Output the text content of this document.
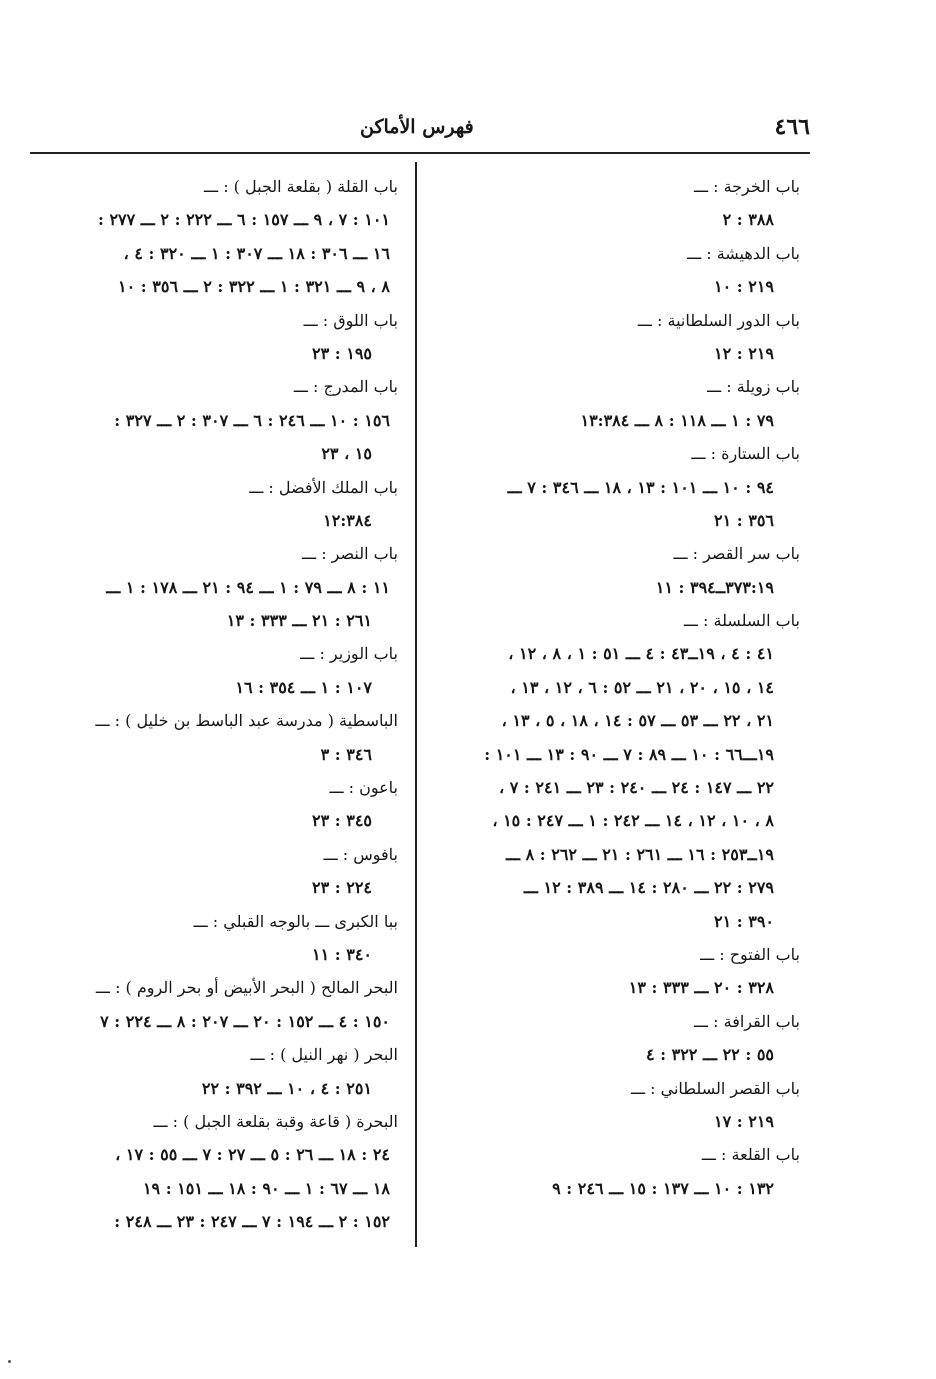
٤٦٦
فهرس الأماكن
باب الخرجة : ـــ
٣٨٨ : ٢
باب الدهيشة : ـــ
٢١٩ : ١٠
باب الدور السلطانية : ـــ
٢١٩ : ١٢
باب زويلة : ـــ
٧٩ : ١ ـــ ١١٨ : ٨ ـــ ١٣:٣٨٤
باب الستارة : ـــ
٩٤ : ١٠ ـــ ١٠١ : ١٣ ، ١٨ ـــ ٣٤٦ : ٧ ـــ
٣٥٦ : ٢١
باب سر القصر : ـــ
٣٧٣:١٩ــ٣٩٤ : ١١
باب السلسلة : ـــ
٤١ : ٤ ، ١٩ــ٤٣ : ٤ ـــ ٥١ : ١ ، ٨ ، ١٢ ،
١٤ ، ١٥ ، ٢٠ ، ٢١ ـــ ٥٢ : ٦ ، ١٢ ، ١٣ ،
٢١ ، ٢٢ ـــ ٥٣ ـــ ٥٧ : ١٤ ، ١٨ ، ٥ ، ١٣ ،
١٩ـــ٦٦ : ١٠ ـــ ٨٩ : ٧ ـــ ٩٠ : ١٣ ـــ ١٠١ :
٢٢ ـــ ١٤٧ : ٢٤ ـــ ٢٤٠ : ٢٣ ـــ ٢٤١ : ٧ ،
٨ ، ١٠ ، ١٢ ، ١٤ ـــ ٢٤٢ : ١ ـــ ٢٤٧ : ١٥ ،
١٩ــ٢٥٣ : ١٦ ـــ ٢٦١ : ٢١ ـــ ٢٦٢ : ٨ ـــ
٢٧٩ : ٢٢ ـــ ٢٨٠ : ١٤ ـــ ٣٨٩ : ١٢ ـــ
٣٩٠ : ٢١
باب الفتوح : ـــ
٣٢٨ : ٢٠ ـــ ٣٣٣ : ١٣
باب القرافة : ـــ
٥٥ : ٢٢ ـــ ٣٢٢ : ٤
باب القصر السلطاني : ـــ
٢١٩ : ١٧
باب القلعة : ـــ
١٣٢ : ١٠ ـــ ١٣٧ : ١٥ ـــ ٢٤٦ : ٩
باب القلة ( بقلعة الجبل ) : ـــ
١٠١ : ٧ ، ٩ ـــ ١٥٧ : ٦ ـــ ٢٢٢ : ٢ ـــ ٢٧٧ :
١٦ ـــ ٣٠٦ : ١٨ ـــ ٣٠٧ : ١ ـــ ٣٢٠ : ٤ ،
٨ ، ٩ ـــ ٣٢١ : ١ ـــ ٣٢٢ : ٢ ـــ ٣٥٦ : ١٠
باب اللوق : ـــ
١٩٥ : ٢٣
باب المدرج : ـــ
١٥٦ : ١٠ ـــ ٢٤٦ : ٦ ـــ ٣٠٧ : ٢ ـــ ٣٢٧ :
١٥ ، ٢٣
باب الملك الأفضل : ـــ
١٢:٣٨٤
باب النصر : ـــ
١١ : ٨ ـــ ٧٩ : ١ ـــ ٩٤ : ٢١ ـــ ١٧٨ : ١ ـــ
٢٦١ : ٢١ ـــ ٣٣٣ : ١٣
باب الوزير : ـــ
١٠٧ : ١ ـــ ٣٥٤ : ١٦
الباسطية ( مدرسة عبد الباسط بن خليل ) : ـــ
٣٤٦ : ٣
باعون : ـــ
٣٤٥ : ٢٣
بافوس : ـــ
٢٢٤ : ٢٣
ببا الكبرى ـــ بالوجه القبلي : ـــ
٣٤٠ : ١١
البحر المالح ( البحر الأبيض أو بحر الروم ) : ـــ
١٥٠ : ٤ ـــ ١٥٢ : ٢٠ ـــ ٢٠٧ : ٨ ـــ ٢٢٤ : ٧
البحر ( نهر النيل ) : ـــ
٢٥١ : ٤ ، ١٠ ـــ ٣٩٢ : ٢٢
البحرة ( قاعة وقبة بقلعة الجبل ) : ـــ
٢٤ : ١٨ ـــ ٢٦ : ٥ ـــ ٢٧ : ٧ ـــ ٥٥ : ١٧ ،
١٨ ـــ ٦٧ : ١ ـــ ٩٠ : ١٨ ـــ ١٥١ : ١٩
١٥٢ : ٢ ـــ ١٩٤ : ٧ ـــ ٢٤٧ : ٢٣ ـــ ٢٤٨ :
